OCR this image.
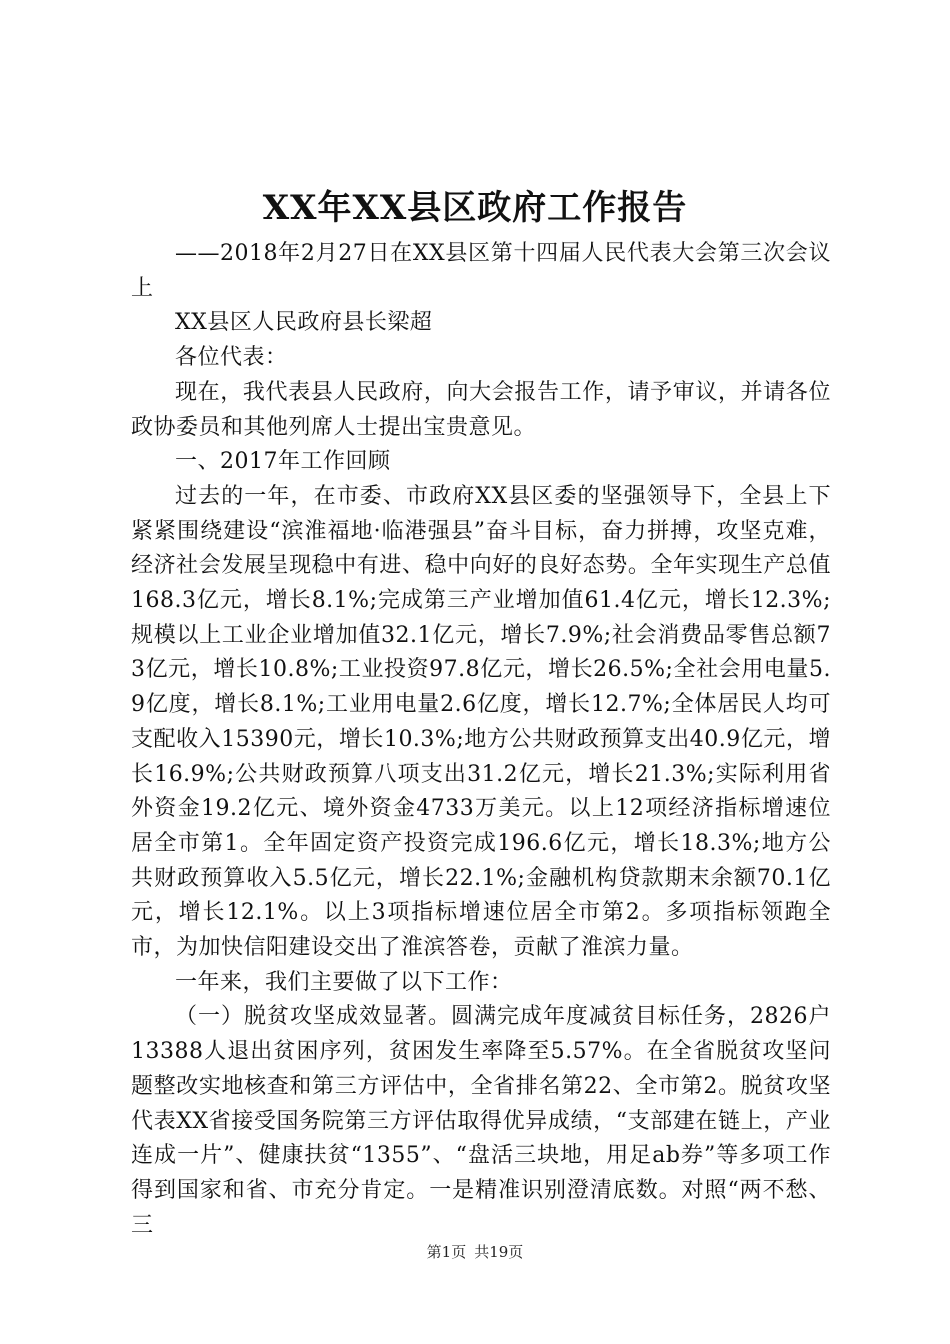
XX年XX县区政府工作报告

——2018年2月27日在XX县区第十四届人民代表大会第三次会议上

XX县区人民政府县长梁超

各位代表：

现在，我代表县人民政府，向大会报告工作，请予审议，并请各位政协委员和其他列席人士提出宝贵意见。

一、2017年工作回顾

过去的一年，在市委、市政府XX县区委的坚强领导下，全县上下紧紧围绕建设“滨淮福地·临港强县”奋斗目标，奋力拼搏，攻坚克难，经济社会发展呈现稳中有进、稳中向好的良好态势。全年实现生产总值168.3亿元，增长8.1%;完成第三产业增加值61.4亿元，增长12.3%;规模以上工业企业增加值32.1亿元，增长7.9%;社会消费品零售总额73亿元，增长10.8%;工业投资97.8亿元，增长26.5%;全社会用电量5.9亿度，增长8.1%;工业用电量2.6亿度，增长12.7%;全体居民人均可支配收入15390元，增长10.3%;地方公共财政预算支出40.9亿元，增长16.9%;公共财政预算八项支出31.2亿元，增长21.3%;实际利用省外资金19.2亿元、境外资金4733万美元。以上12项经济指标增速位居全市第1。全年固定资产投资完成196.6亿元，增长18.3%;地方公共财政预算收入5.5亿元，增长22.1%;金融机构贷款期末余额70.1亿元，增长12.1%。以上3项指标增速位居全市第2。多项指标领跑全市，为加快信阳建设交出了淮滨答卷，贡献了淮滨力量。

一年来，我们主要做了以下工作：

（一）脱贫攻坚成效显著。圆满完成年度减贫目标任务，2826户13388人退出贫困序列，贫困发生率降至5.57%。在全省脱贫攻坚问题整改实地核查和第三方评估中，全省排名第22、全市第2。脱贫攻坚代表XX省接受国务院第三方评估取得优异成绩，“支部建在链上，产业连成一片”、健康扶贫“1355”、“盘活三块地，用足ab券”等多项工作得到国家和省、市充分肯定。一是精准识别澄清底数。对照“两不愁、三

第1页 共19页
